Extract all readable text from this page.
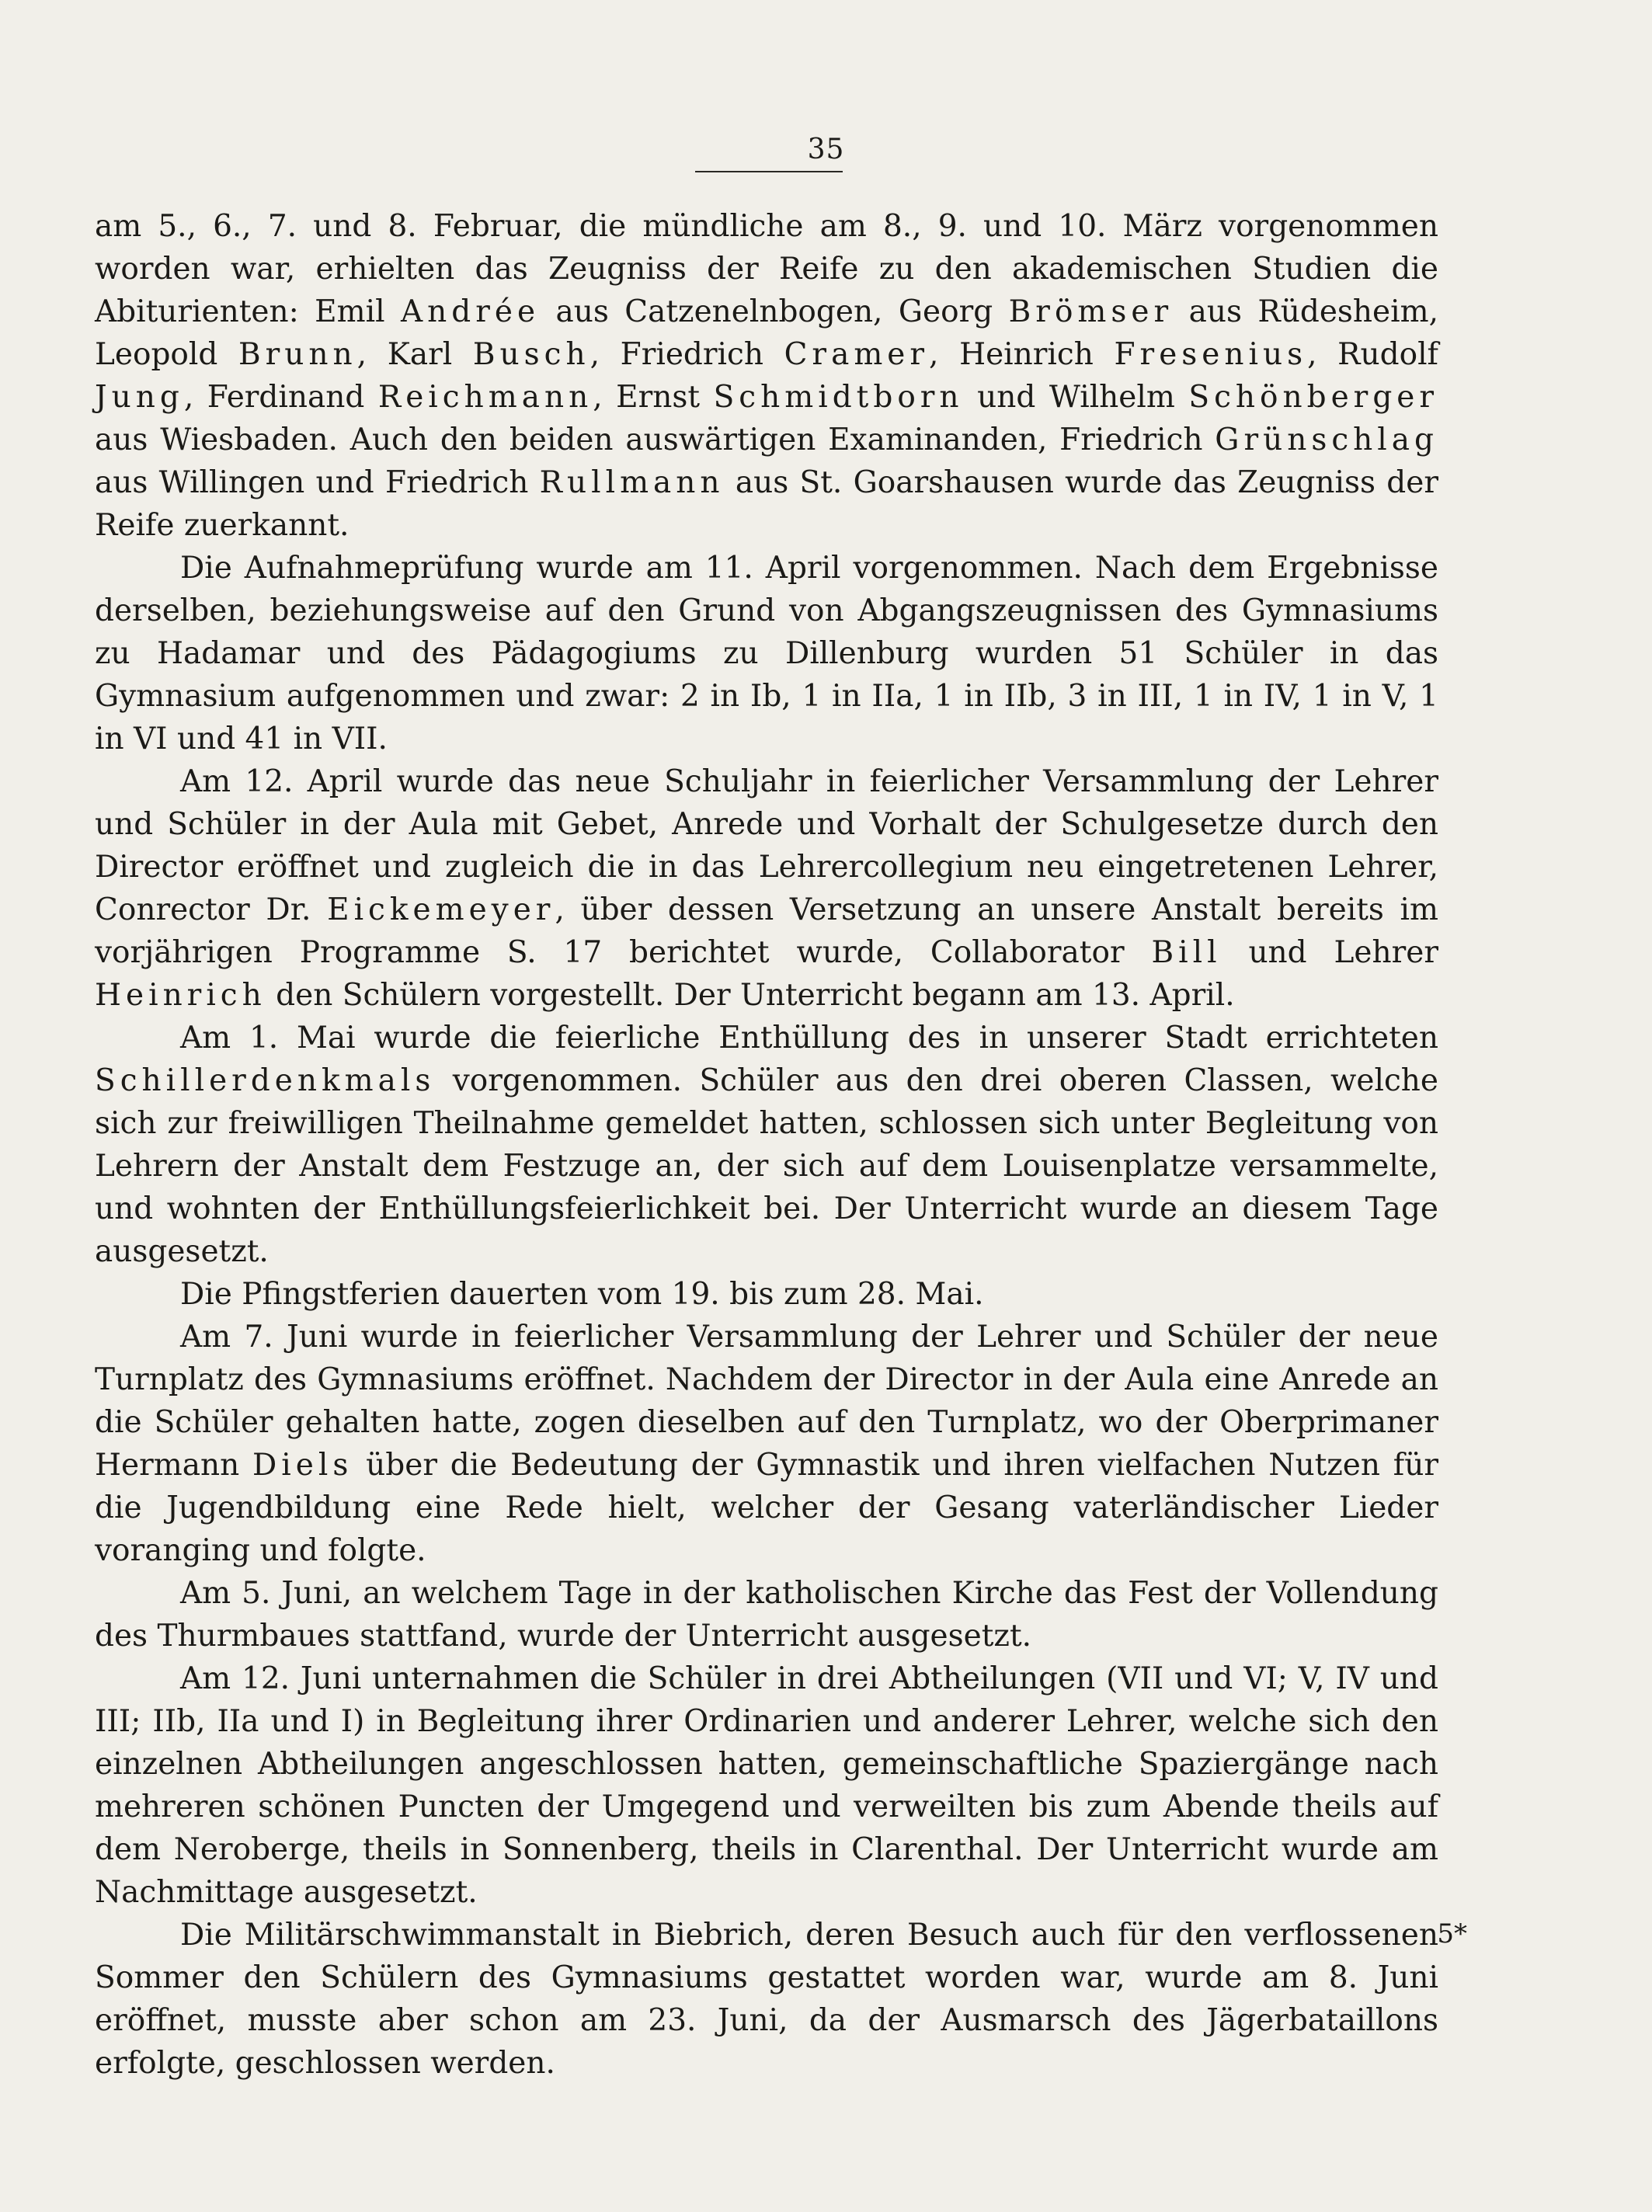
35

am 5., 6., 7. und 8. Februar, die mündliche am 8., 9. und 10. März vorgenommen worden war, erhielten das Zeugniss der Reife zu den akademischen Studien die Abiturienten: Emil Andrée aus Catzenelnbogen, Georg Brömser aus Rüdesheim, Leopold Brunn, Karl Busch, Friedrich Cramer, Heinrich Fresenius, Rudolf Jung, Ferdinand Reichmann, Ernst Schmidtborn und Wilhelm Schönberger aus Wiesbaden. Auch den beiden auswärtigen Examinanden, Friedrich Grünschlag aus Willingen und Friedrich Rullmann aus St. Goarshausen wurde das Zeugniss der Reife zuerkannt.

Die Aufnahmeprüfung wurde am 11. April vorgenommen. Nach dem Ergebnisse derselben, beziehungsweise auf den Grund von Abgangszeugnissen des Gymnasiums zu Hadamar und des Pädagogiums zu Dillenburg wurden 51 Schüler in das Gymnasium aufgenommen und zwar: 2 in Ib, 1 in IIa, 1 in IIb, 3 in III, 1 in IV, 1 in V, 1 in VI und 41 in VII.

Am 12. April wurde das neue Schuljahr in feierlicher Versammlung der Lehrer und Schüler in der Aula mit Gebet, Anrede und Vorhalt der Schulgesetze durch den Director eröffnet und zugleich die in das Lehrercollegium neu eingetretenen Lehrer, Conrector Dr. Eickemeyer, über dessen Versetzung an unsere Anstalt bereits im vorjährigen Programme S. 17 berichtet wurde, Collaborator Bill und Lehrer Heinrich den Schülern vorgestellt. Der Unterricht begann am 13. April.

Am 1. Mai wurde die feierliche Enthüllung des in unserer Stadt errichteten Schillerdenkmals vorgenommen. Schüler aus den drei oberen Classen, welche sich zur freiwilligen Theilnahme gemeldet hatten, schlossen sich unter Begleitung von Lehrern der Anstalt dem Festzuge an, der sich auf dem Louisenplatze versammelte, und wohnten der Enthüllungsfeierlichkeit bei. Der Unterricht wurde an diesem Tage ausgesetzt.

Die Pfingstferien dauerten vom 19. bis zum 28. Mai.

Am 7. Juni wurde in feierlicher Versammlung der Lehrer und Schüler der neue Turnplatz des Gymnasiums eröffnet. Nachdem der Director in der Aula eine Anrede an die Schüler gehalten hatte, zogen dieselben auf den Turnplatz, wo der Oberprimaner Hermann Diels über die Bedeutung der Gymnastik und ihren vielfachen Nutzen für die Jugendbildung eine Rede hielt, welcher der Gesang vaterländischer Lieder voranging und folgte.

Am 5. Juni, an welchem Tage in der katholischen Kirche das Fest der Vollendung des Thurmbaues stattfand, wurde der Unterricht ausgesetzt.

Am 12. Juni unternahmen die Schüler in drei Abtheilungen (VII und VI; V, IV und III; IIb, IIa und I) in Begleitung ihrer Ordinarien und anderer Lehrer, welche sich den einzelnen Abtheilungen angeschlossen hatten, gemeinschaftliche Spaziergänge nach mehreren schönen Puncten der Umgegend und verweilten bis zum Abende theils auf dem Neroberge, theils in Sonnenberg, theils in Clarenthal. Der Unterricht wurde am Nachmittage ausgesetzt.

Die Militärschwimmanstalt in Biebrich, deren Besuch auch für den verflossenen Sommer den Schülern des Gymnasiums gestattet worden war, wurde am 8. Juni eröffnet, musste aber schon am 23. Juni, da der Ausmarsch des Jägerbataillons erfolgte, geschlossen werden.

5*
